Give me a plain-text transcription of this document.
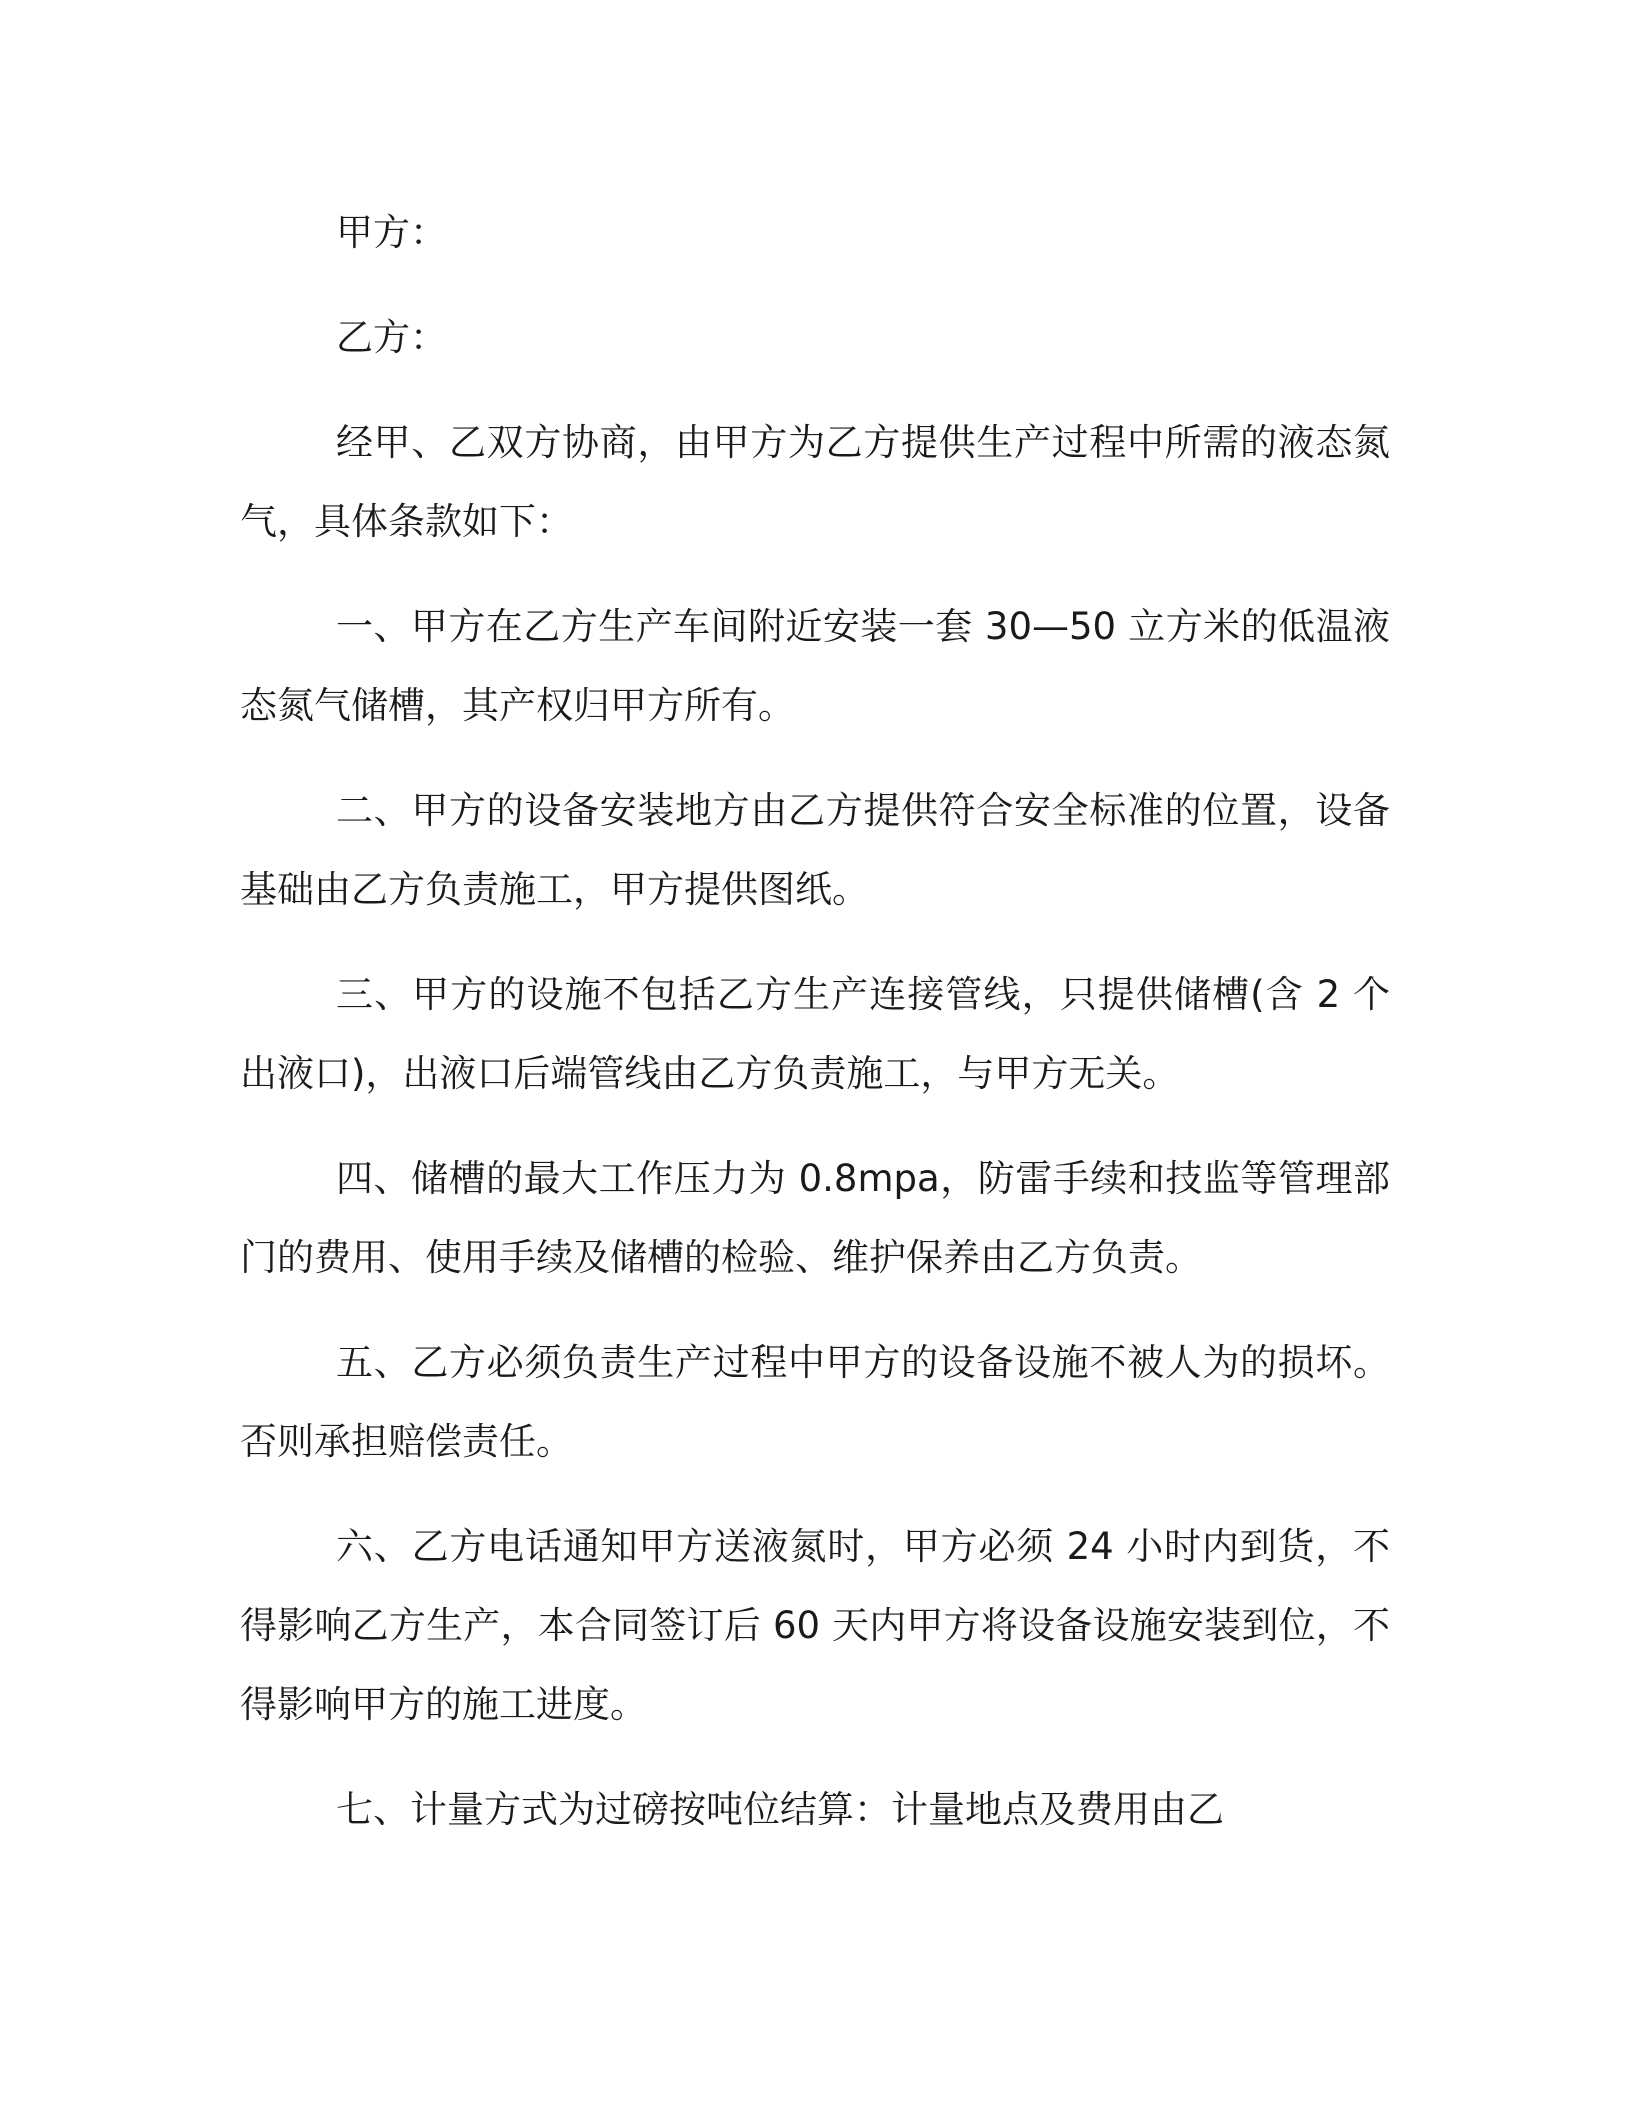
甲方：

乙方：

经甲、乙双方协商，由甲方为乙方提供生产过程中所需的液态氮气，具体条款如下：

一、甲方在乙方生产车间附近安装一套 30—50 立方米的低温液态氮气储槽，其产权归甲方所有。

二、甲方的设备安装地方由乙方提供符合安全标准的位置，设备基础由乙方负责施工，甲方提供图纸。

三、甲方的设施不包括乙方生产连接管线，只提供储槽(含 2 个出液口)，出液口后端管线由乙方负责施工，与甲方无关。

四、储槽的最大工作压力为 0.8mpa，防雷手续和技监等管理部门的费用、使用手续及储槽的检验、维护保养由乙方负责。

五、乙方必须负责生产过程中甲方的设备设施不被人为的损坏。否则承担赔偿责任。

六、乙方电话通知甲方送液氮时，甲方必须 24 小时内到货，不得影响乙方生产，本合同签订后 60 天内甲方将设备设施安装到位，不得影响甲方的施工进度。

七、计量方式为过磅按吨位结算：计量地点及费用由乙
